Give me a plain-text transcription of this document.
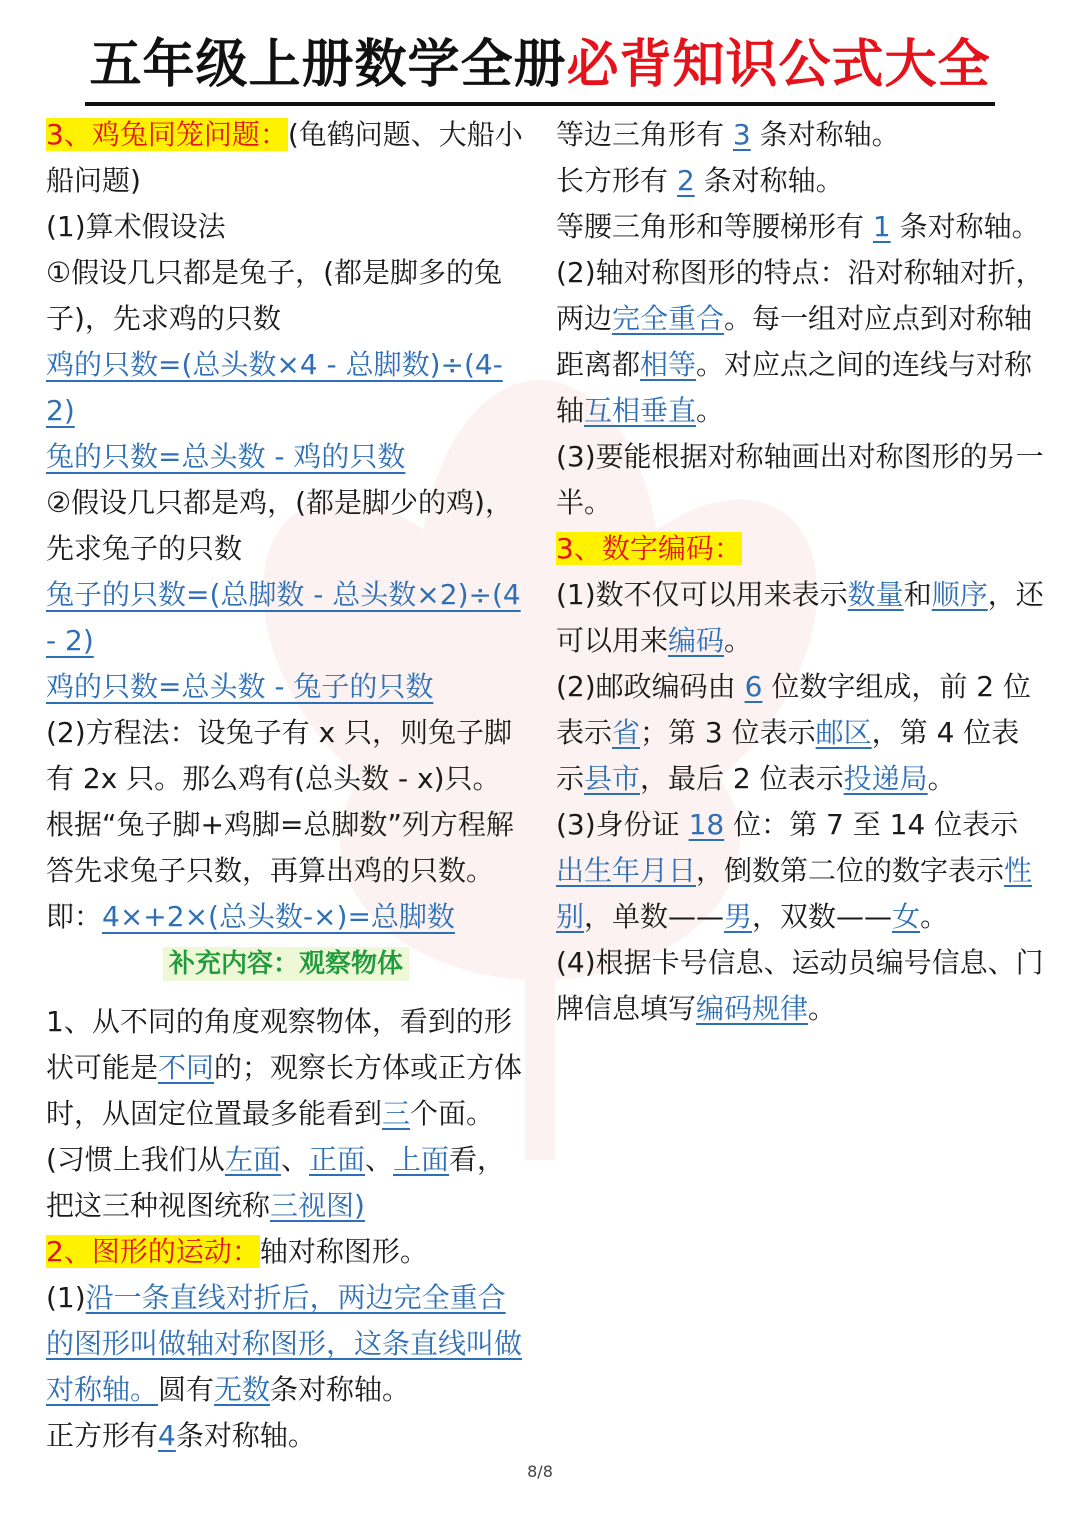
五年级上册数学全册必背知识公式大全

3、鸡兔同笼问题：(龟鹤问题、大船小船问题)

(1)算术假设法

①假设几只都是兔子，(都是脚多的兔子)，先求鸡的只数

鸡的只数=(总头数×4 - 总脚数)÷(4-2)

兔的只数=总头数 - 鸡的只数

②假设几只都是鸡，(都是脚少的鸡)，先求兔子的只数

兔子的只数=(总脚数 - 总头数×2)÷(4 - 2)

鸡的只数=总头数 - 兔子的只数

(2)方程法：设兔子有 x 只，则兔子脚有 2x 只。那么鸡有(总头数 - x)只。

根据“兔子脚+鸡脚=总脚数”列方程解答先求兔子只数，再算出鸡的只数。

即：4×+2×(总头数-×)=总脚数

补充内容：观察物体

1、从不同的角度观察物体，看到的形状可能是不同的；观察长方体或正方体时，从固定位置最多能看到三个面。(习惯上我们从左面、正面、上面看，把这三种视图统称三视图)

2、图形的运动：轴对称图形。

(1)沿一条直线对折后，两边完全重合的图形叫做轴对称图形，这条直线叫做对称轴。圆有无数条对称轴。

正方形有4条对称轴。

等边三角形有 3 条对称轴。

长方形有 2 条对称轴。

等腰三角形和等腰梯形有 1 条对称轴。

(2)轴对称图形的特点：沿对称轴对折，两边完全重合。每一组对应点到对称轴距离都相等。对应点之间的连线与对称轴互相垂直。

(3)要能根据对称轴画出对称图形的另一半。

3、数字编码：

(1)数不仅可以用来表示数量和顺序，还可以用来编码。

(2)邮政编码由 6 位数字组成，前 2 位表示省；第 3 位表示邮区，第 4 位表示县市，最后 2 位表示投递局。

(3)身份证 18 位：第 7 至 14 位表示出生年月日，倒数第二位的数字表示性别，单数——男，双数——女。

(4)根据卡号信息、运动员编号信息、门牌信息填写编码规律。

8/8
